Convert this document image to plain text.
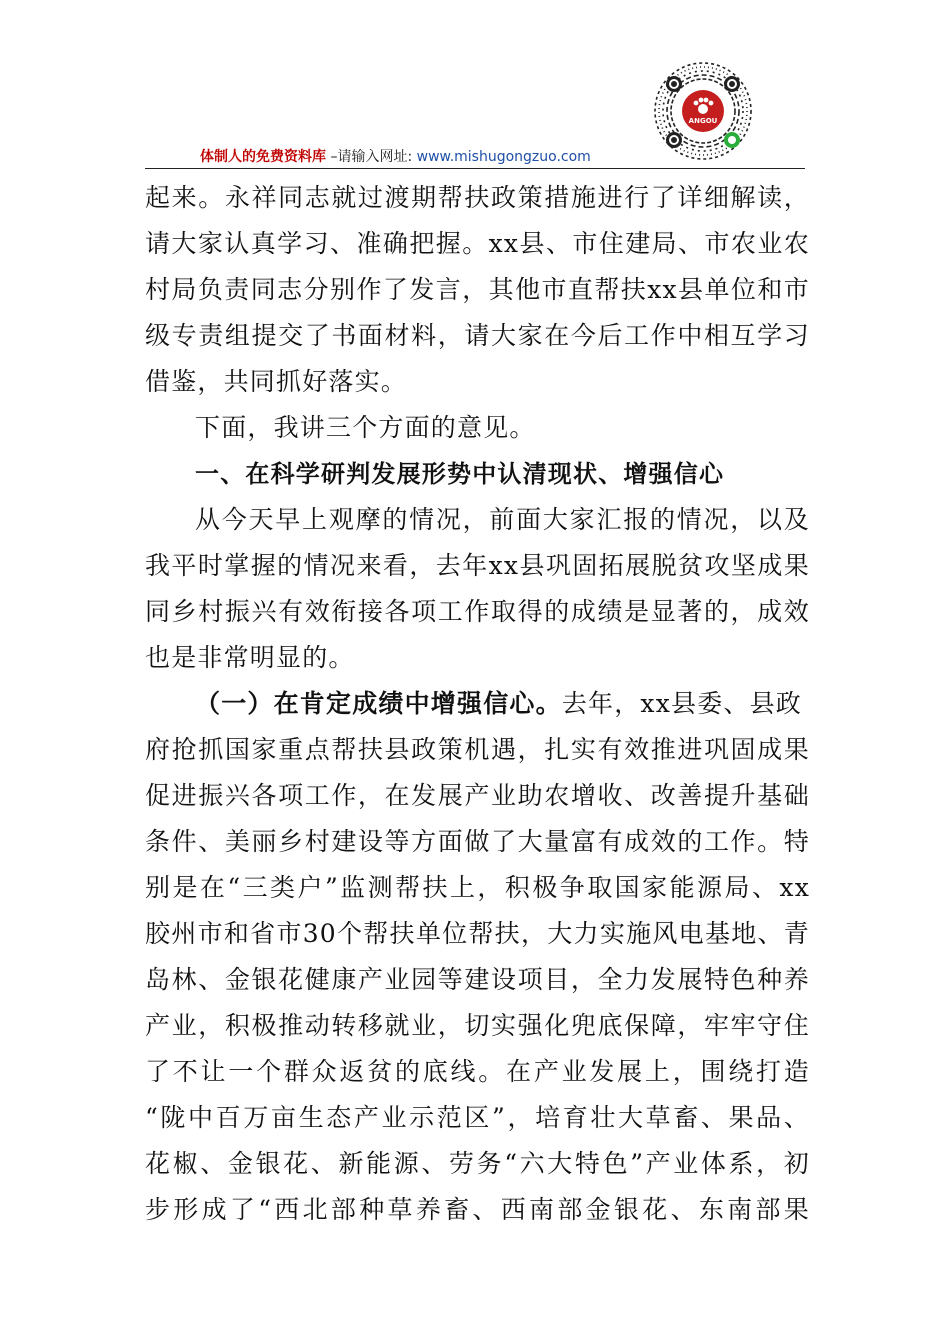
ANGOU
体制人的免费资料库 –请输入网址: www.mishugongzuo.com
起来。永祥同志就过渡期帮扶政策措施进行了详细解读，
请大家认真学习、准确把握。xx县、市住建局、市农业农
村局负责同志分别作了发言，其他市直帮扶xx县单位和市
级专责组提交了书面材料，请大家在今后工作中相互学习
借鉴，共同抓好落实。
下面，我讲三个方面的意见。
一、在科学研判发展形势中认清现状、增强信心
从今天早上观摩的情况，前面大家汇报的情况，以及
我平时掌握的情况来看，去年xx县巩固拓展脱贫攻坚成果
同乡村振兴有效衔接各项工作取得的成绩是显著的，成效
也是非常明显的。
（一）在肯定成绩中增强信心。去年，xx县委、县政
府抢抓国家重点帮扶县政策机遇，扎实有效推进巩固成果
促进振兴各项工作，在发展产业助农增收、改善提升基础
条件、美丽乡村建设等方面做了大量富有成效的工作。特
别是在“三类户”监测帮扶上，积极争取国家能源局、xx
胶州市和省市30个帮扶单位帮扶，大力实施风电基地、青
岛林、金银花健康产业园等建设项目，全力发展特色种养
产业，积极推动转移就业，切实强化兜底保障，牢牢守住
了不让一个群众返贫的底线。在产业发展上，围绕打造
“陇中百万亩生态产业示范区”，培育壮大草畜、果品、
花椒、金银花、新能源、劳务“六大特色”产业体系，初
步形成了“西北部种草养畜、西南部金银花、东南部果
